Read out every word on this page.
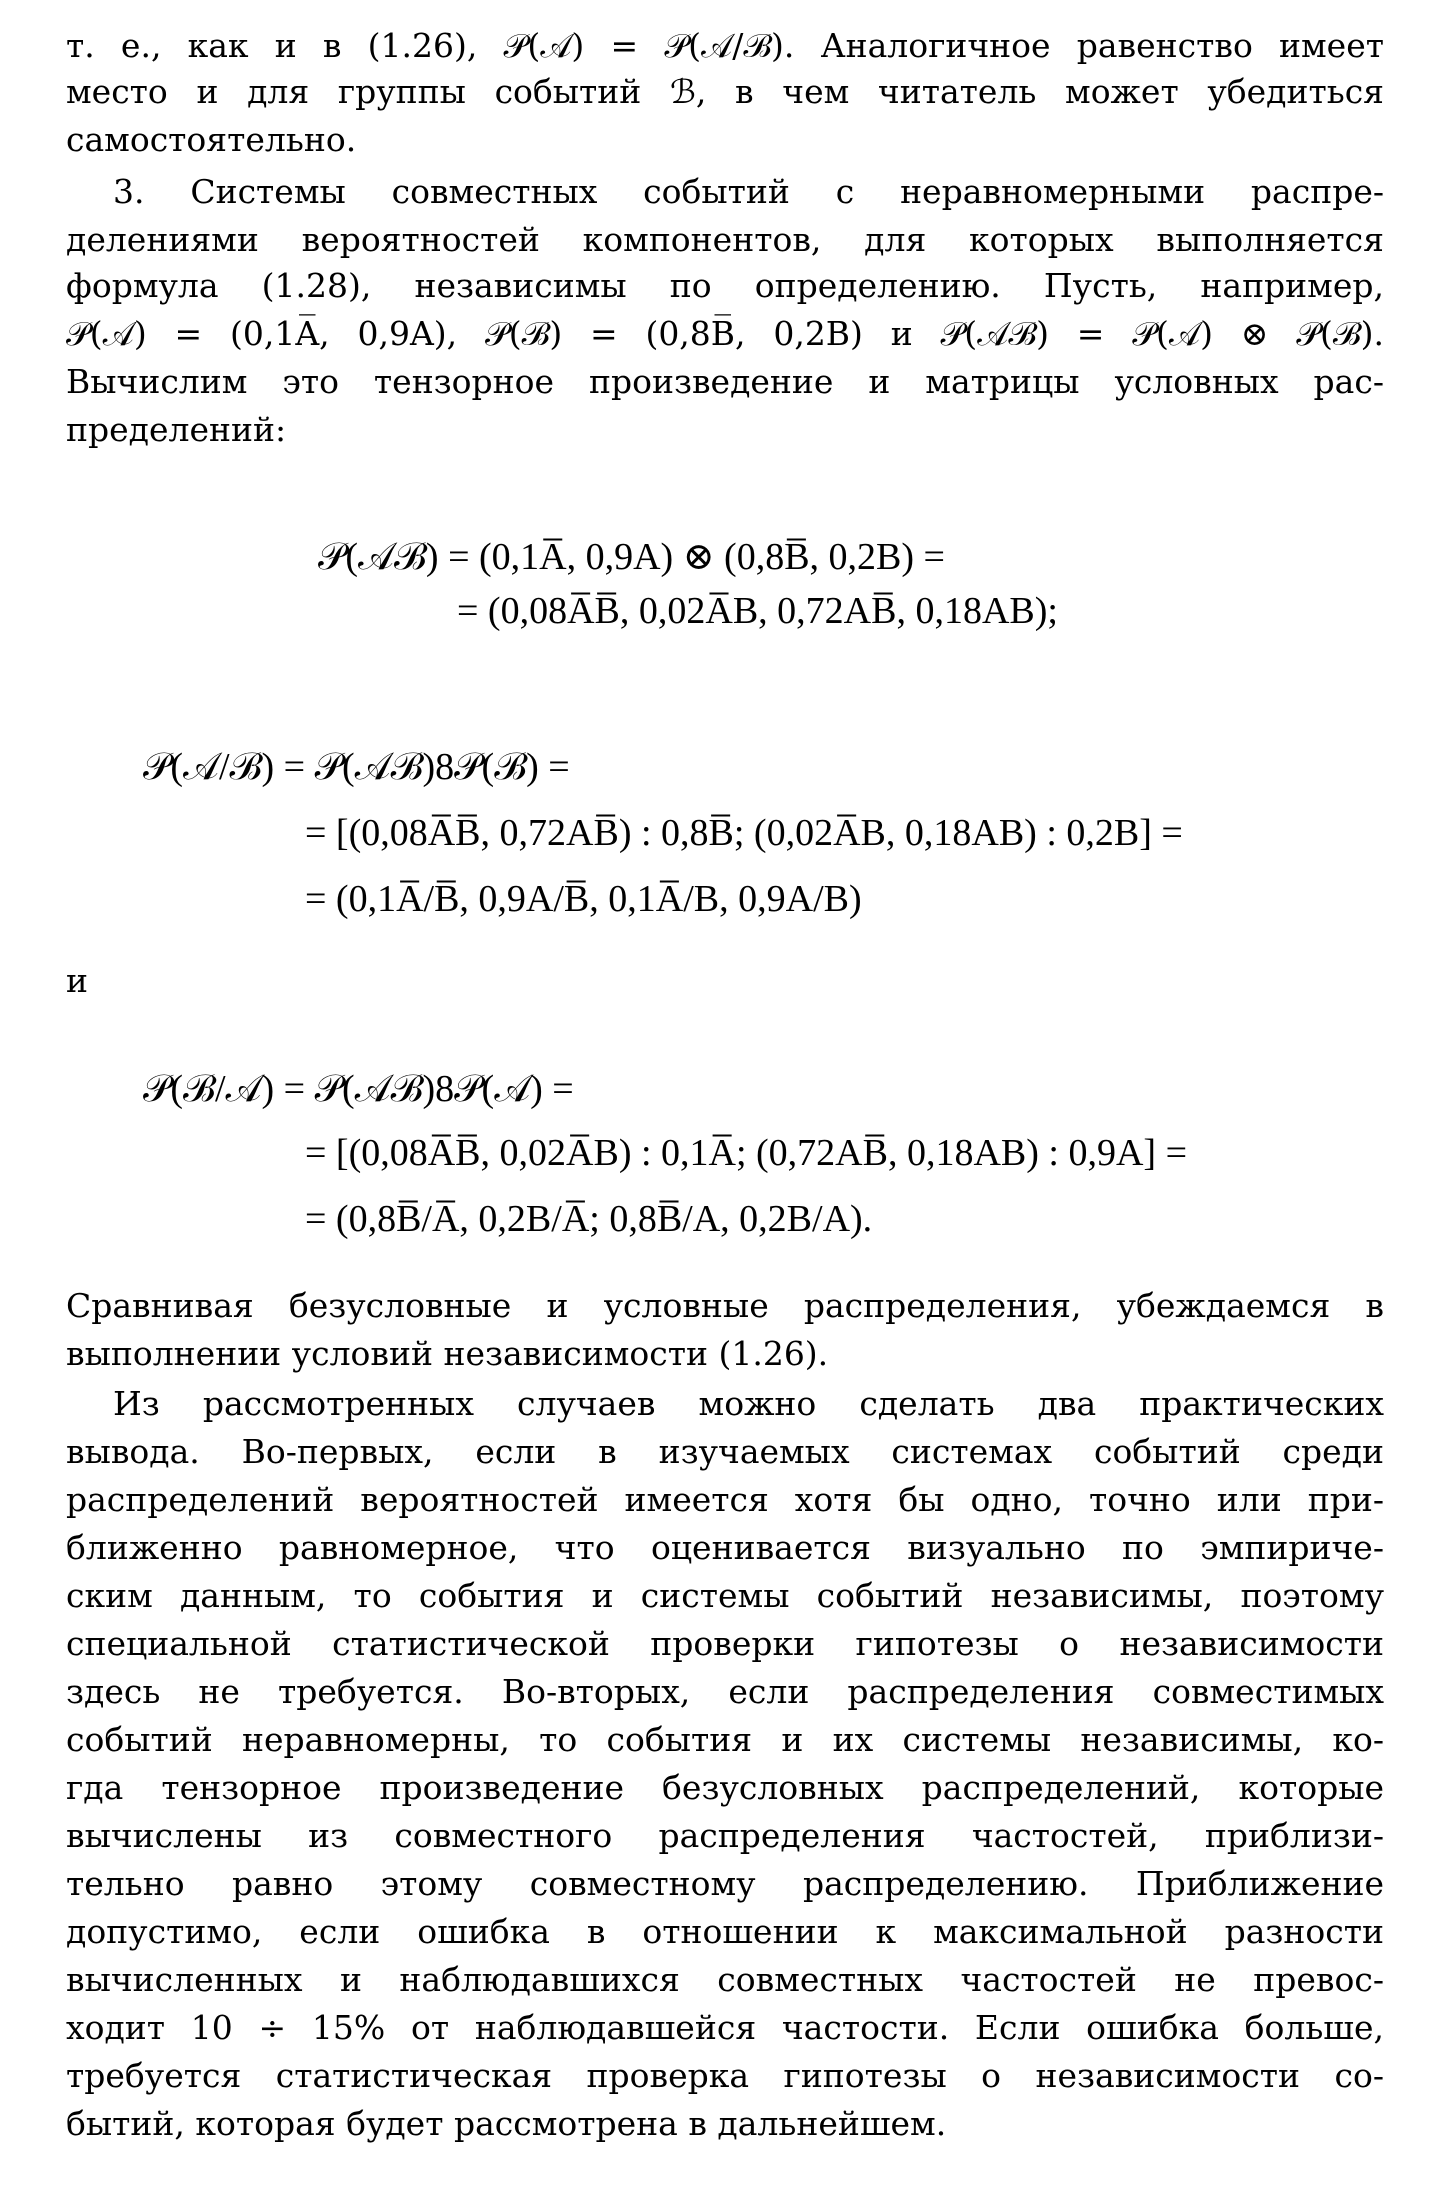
т. е., как и в (1.26), 𝒫(𝒜) = 𝒫(𝒜/ℬ). Аналогичное равенство имеет
место и для группы событий ℬ, в чем читатель может убедиться
самостоятельно.
3. Системы совместных событий с неравномерными распре-
делениями вероятностей компонентов, для которых выполняется
формула (1.28), независимы по определению. Пусть, например,
𝒫(𝒜) = (0,1A̅, 0,9A), 𝒫(ℬ) = (0,8B̅, 0,2B) и 𝒫(𝒜ℬ) = 𝒫(𝒜) ⊗ 𝒫(ℬ).
Вычислим это тензорное произведение и матрицы условных рас-
пределений:
𝒫(𝒜ℬ) = (0,1A̅, 0,9A) ⊗ (0,8B̅, 0,2B) =
= (0,08A̅B̅, 0,02A̅B, 0,72AB̅, 0,18AB);
𝒫(𝒜/ℬ) = 𝒫(𝒜ℬ)8𝒫(ℬ) =
= [(0,08A̅B̅, 0,72AB̅) : 0,8B̅; (0,02A̅B, 0,18AB) : 0,2B] =
= (0,1A̅/B̅, 0,9A/B̅, 0,1A̅/B, 0,9A/B)
и
𝒫(ℬ/𝒜) = 𝒫(𝒜ℬ)8𝒫(𝒜) =
= [(0,08A̅B̅, 0,02A̅B) : 0,1A̅; (0,72AB̅, 0,18AB) : 0,9A] =
= (0,8B̅/A̅, 0,2B/A̅; 0,8B̅/A, 0,2B/A).
Сравнивая безусловные и условные распределения, убеждаемся в
выполнении условий независимости (1.26).
Из рассмотренных случаев можно сделать два практических
вывода. Во-первых, если в изучаемых системах событий среди
распределений вероятностей имеется хотя бы одно, точно или при-
ближенно равномерное, что оценивается визуально по эмпириче-
ским данным, то события и системы событий независимы, поэтому
специальной статистической проверки гипотезы о независимости
здесь не требуется. Во-вторых, если распределения совместимых
событий неравномерны, то события и их системы независимы, ко-
гда тензорное произведение безусловных распределений, которые
вычислены из совместного распределения частостей, приблизи-
тельно равно этому совместному распределению. Приближение
допустимо, если ошибка в отношении к максимальной разности
вычисленных и наблюдавшихся совместных частостей не превос-
ходит 10 ÷ 15% от наблюдавшейся частости. Если ошибка больше,
требуется статистическая проверка гипотезы о независимости со-
бытий, которая будет рассмотрена в дальнейшем.
